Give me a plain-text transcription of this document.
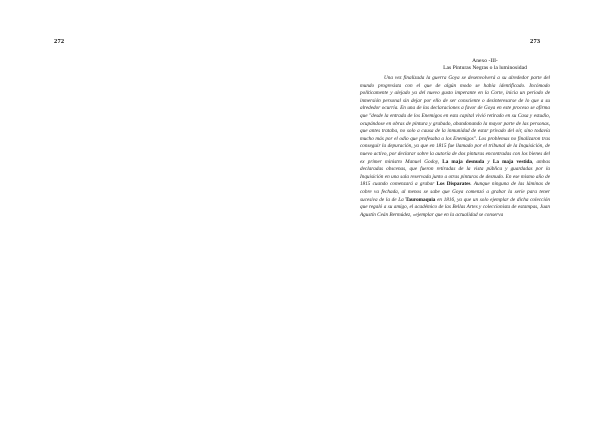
272	273
Anexo -III-
Las Pinturas Negras o la luminosidad
Una vez finalizada la guerra Goya se desenvolverá a su alrededor parte del mundo progresista con el que de algún modo se había identificado. Incómodo políticamente y alejado ya del nuevo gusto imperante en la Corte, inicia un periodo de inmersión personal sin dejar por ello de ser consciente o desinteresarse de lo que a su alrededor ocurría. En una de las declaraciones a favor de Goya en este proceso se afirma que "desde la entrada de los Enemigos en esta capital vivió retirado en su Casa y estudio, ocupándose en obras de pintura y grabado, abandonando la mayor parte de las personas, que antes trataba, no solo a causa de la inmunidad de estar privado del oír, sino todavía mucho más por el odio que profesaba a los Enemigos". Los problemas no finalizaron tras conseguir la depuración, ya que en 1815 fue llamado por el tribunal de la Inquisición, de nuevo activo, por declarar sobre la autoría de dos pinturas encontradas con los bienes del ex primer ministro Manuel Godoy, La maja desnuda y La maja vestida, ambas declaradas obscenas, que fueron retiradas de la vista pública y guardadas por la Inquisición en una sala reservada junto a otras pinturas de desnudo. En ese mismo año de 1815 cuando comenzará a grabar Los Disparates. Aunque ninguna de las láminas de cobre va fechada, al menos se sabe que Goya comenzó a grabar la serie para tener sucesiva de la de La Tauromaquia en 1816, ya que un solo ejemplar de dicha colección que regaló a su amigo, el académico de las Bellas Artes y coleccionista de estampas, Juan Agustín Ceán Bermúdez, «ejemplar que en la actualidad se conserva
